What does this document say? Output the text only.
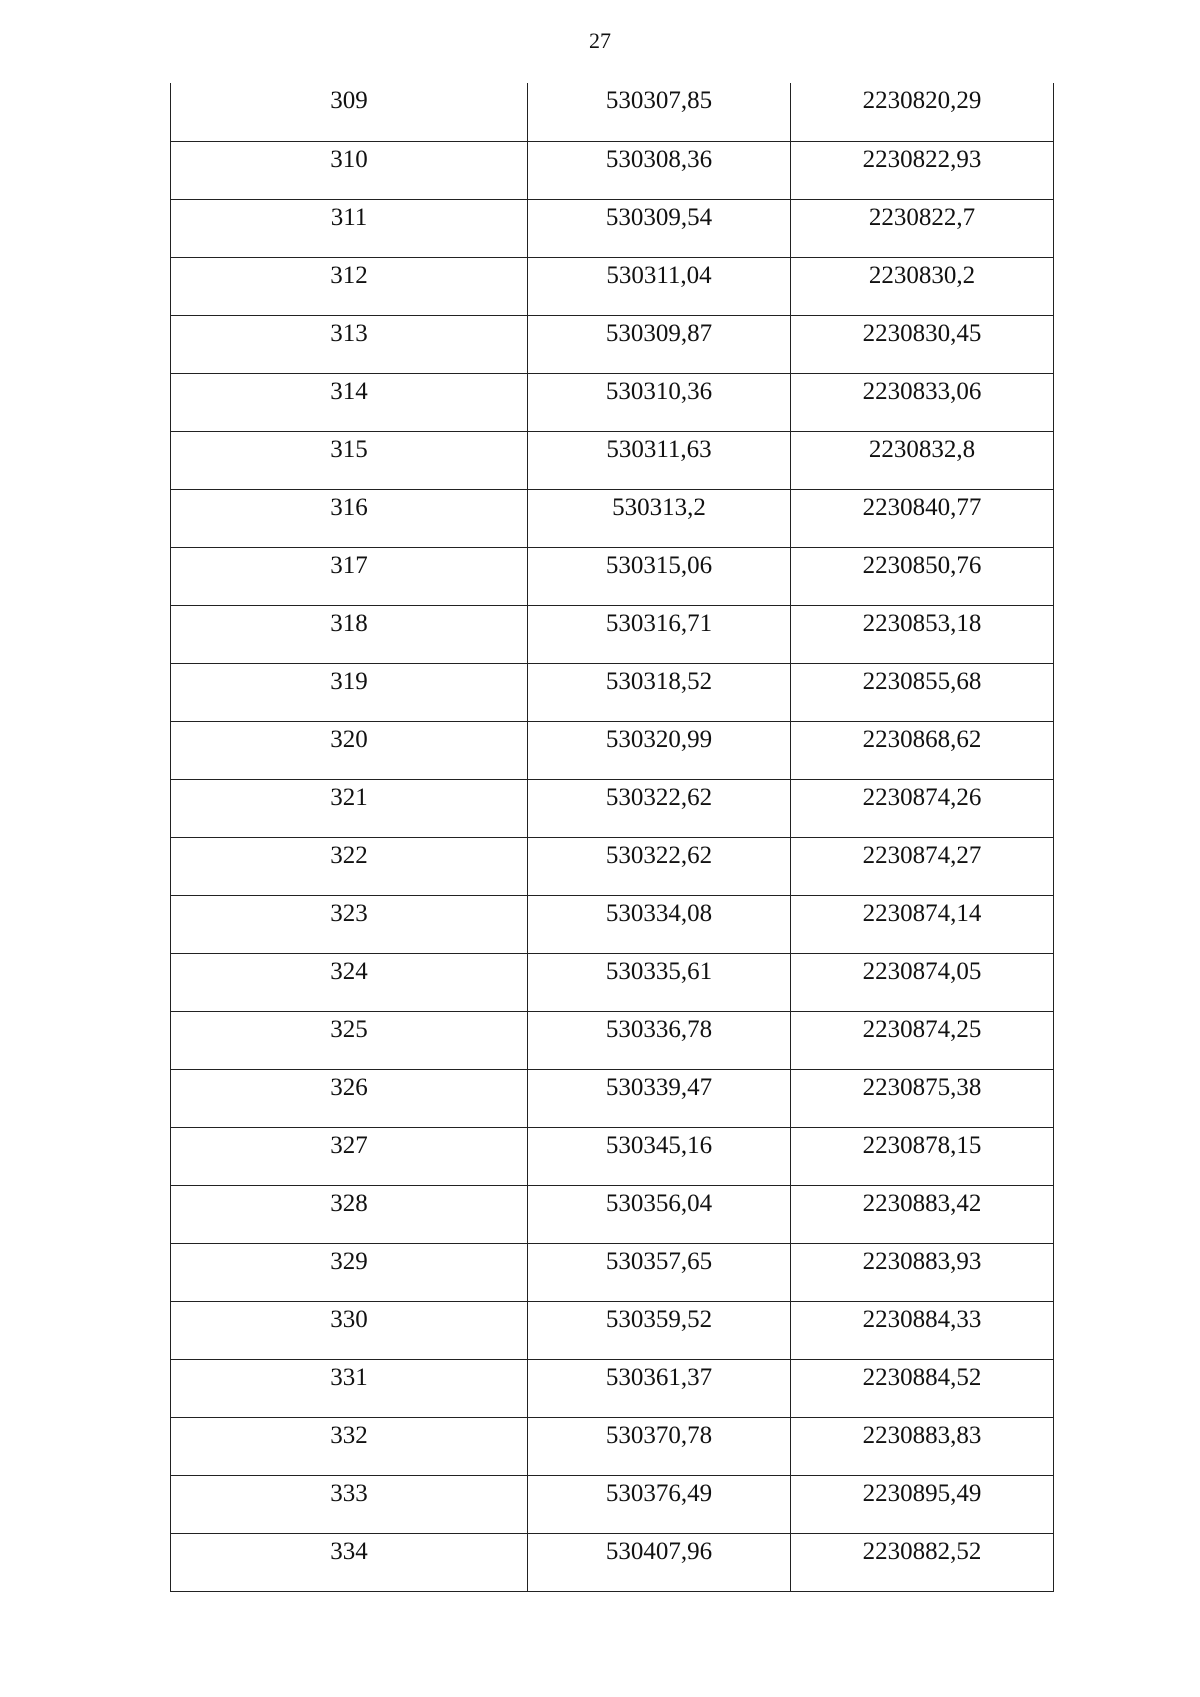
27
309	530307,85	2230820,29
310	530308,36	2230822,93
311	530309,54	2230822,7
312	530311,04	2230830,2
313	530309,87	2230830,45
314	530310,36	2230833,06
315	530311,63	2230832,8
316	530313,2	2230840,77
317	530315,06	2230850,76
318	530316,71	2230853,18
319	530318,52	2230855,68
320	530320,99	2230868,62
321	530322,62	2230874,26
322	530322,62	2230874,27
323	530334,08	2230874,14
324	530335,61	2230874,05
325	530336,78	2230874,25
326	530339,47	2230875,38
327	530345,16	2230878,15
328	530356,04	2230883,42
329	530357,65	2230883,93
330	530359,52	2230884,33
331	530361,37	2230884,52
332	530370,78	2230883,83
333	530376,49	2230895,49
334	530407,96	2230882,52
